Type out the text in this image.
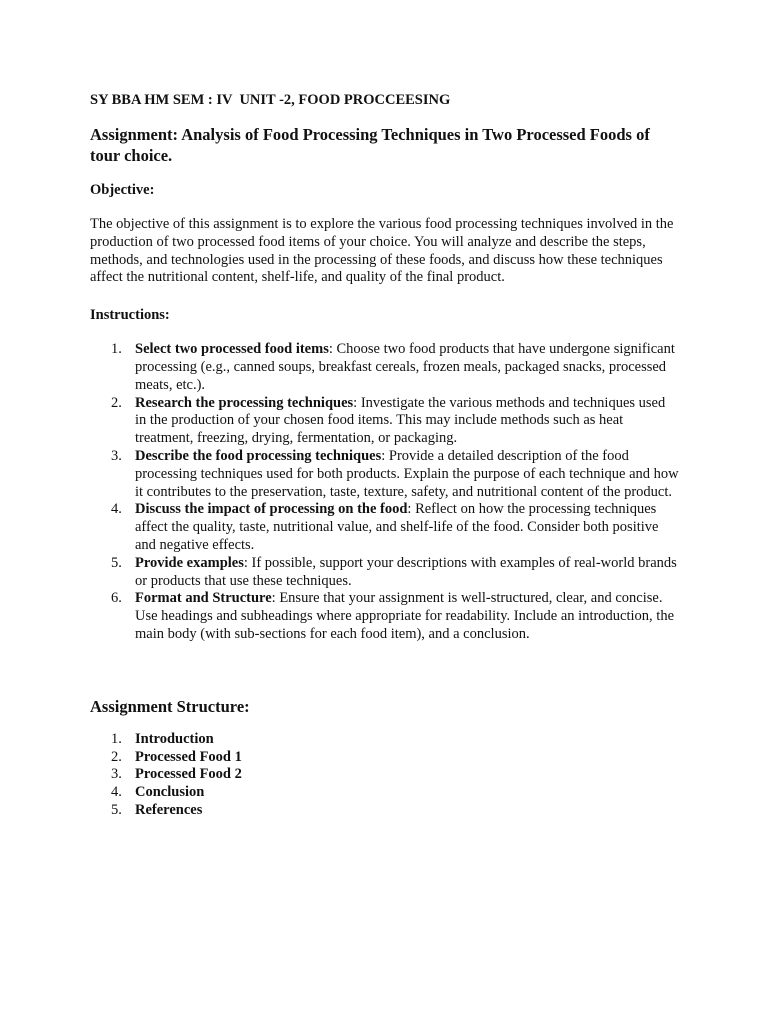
SY BBA HM SEM : IV  UNIT -2, FOOD PROCCEESING

Assignment: Analysis of Food Processing Techniques in Two Processed Foods of tour choice.

Objective:

The objective of this assignment is to explore the various food processing techniques involved in the production of two processed food items of your choice. You will analyze and describe the steps, methods, and technologies used in the processing of these foods, and discuss how these techniques affect the nutritional content, shelf-life, and quality of the final product.

Instructions:

1. Select two processed food items: Choose two food products that have undergone significant processing (e.g., canned soups, breakfast cereals, frozen meals, packaged snacks, processed meats, etc.).
2. Research the processing techniques: Investigate the various methods and techniques used in the production of your chosen food items. This may include methods such as heat treatment, freezing, drying, fermentation, or packaging.
3. Describe the food processing techniques: Provide a detailed description of the food processing techniques used for both products. Explain the purpose of each technique and how it contributes to the preservation, taste, texture, safety, and nutritional content of the product.
4. Discuss the impact of processing on the food: Reflect on how the processing techniques affect the quality, taste, nutritional value, and shelf-life of the food. Consider both positive and negative effects.
5. Provide examples: If possible, support your descriptions with examples of real-world brands or products that use these techniques.
6. Format and Structure: Ensure that your assignment is well-structured, clear, and concise. Use headings and subheadings where appropriate for readability. Include an introduction, the main body (with sub-sections for each food item), and a conclusion.
Assignment Structure:
1. Introduction
2. Processed Food 1
3. Processed Food 2
4. Conclusion
5. References
